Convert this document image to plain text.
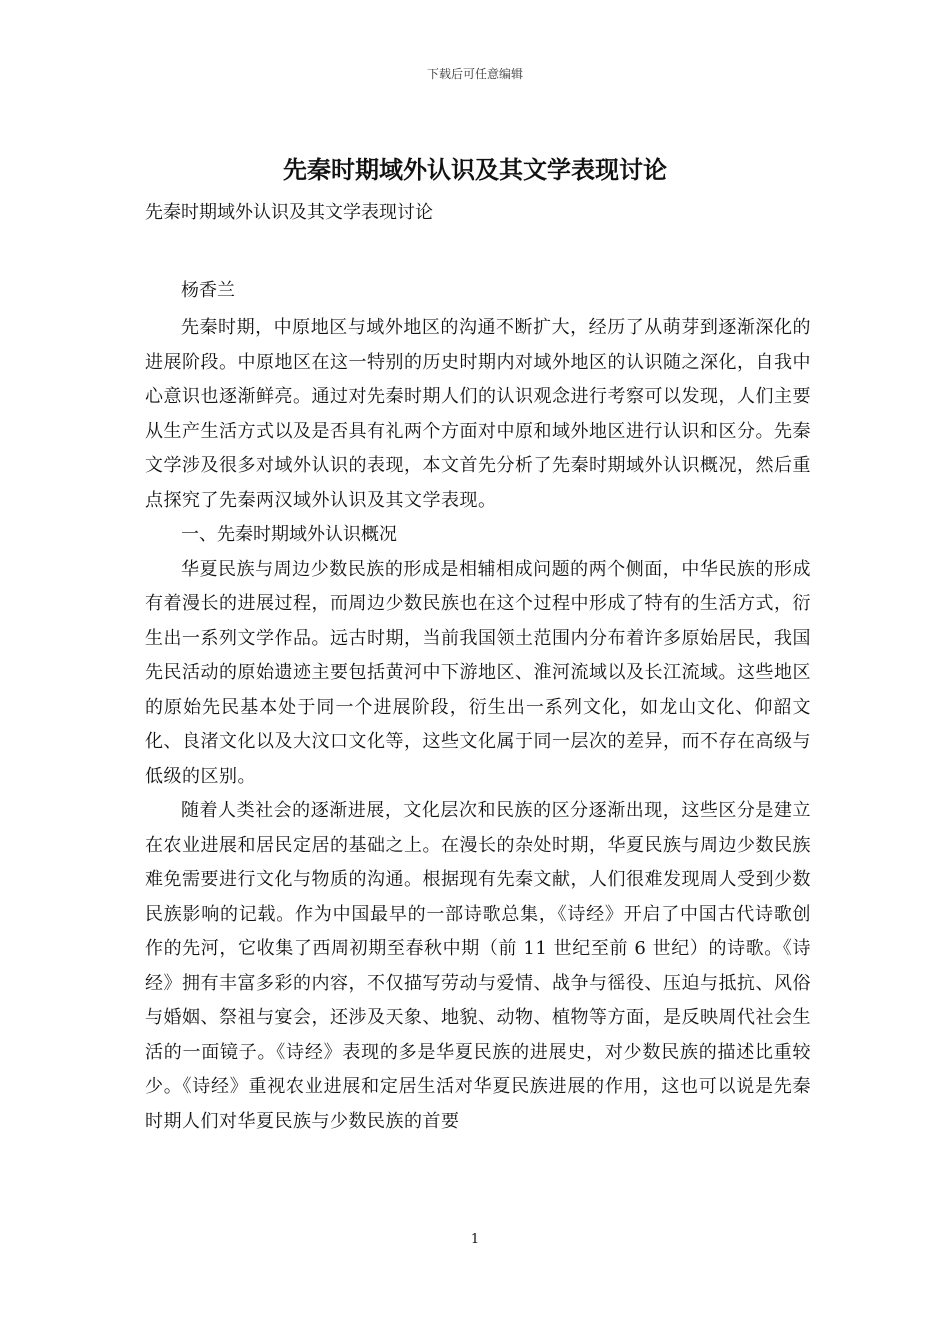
下载后可任意编辑
先秦时期域外认识及其文学表现讨论

先秦时期域外认识及其文学表现讨论

杨香兰

先秦时期，中原地区与域外地区的沟通不断扩大，经历了从萌芽到逐渐深化的进展阶段。中原地区在这一特别的历史时期内对域外地区的认识随之深化，自我中心意识也逐渐鲜亮。通过对先秦时期人们的认识观念进行考察可以发现，人们主要从生产生活方式以及是否具有礼两个方面对中原和域外地区进行认识和区分。先秦文学涉及很多对域外认识的表现，本文首先分析了先秦时期域外认识概况，然后重点探究了先秦两汉域外认识及其文学表现。

一、先秦时期域外认识概况

华夏民族与周边少数民族的形成是相辅相成问题的两个侧面，中华民族的形成有着漫长的进展过程，而周边少数民族也在这个过程中形成了特有的生活方式，衍生出一系列文学作品。远古时期，当前我国领土范围内分布着许多原始居民，我国先民活动的原始遗迹主要包括黄河中下游地区、淮河流域以及长江流域。这些地区的原始先民基本处于同一个进展阶段，衍生出一系列文化，如龙山文化、仰韶文化、良渚文化以及大汶口文化等，这些文化属于同一层次的差异，而不存在高级与低级的区别。

随着人类社会的逐渐进展，文化层次和民族的区分逐渐出现，这些区分是建立在农业进展和居民定居的基础之上。在漫长的杂处时期，华夏民族与周边少数民族难免需要进行文化与物质的沟通。根据现有先秦文献，人们很难发现周人受到少数民族影响的记载。作为中国最早的一部诗歌总集，《诗经》开启了中国古代诗歌创作的先河，它收集了西周初期至春秋中期（前 11 世纪至前 6 世纪）的诗歌。《诗经》拥有丰富多彩的内容，不仅描写劳动与爱情、战争与徭役、压迫与抵抗、风俗与婚姻、祭祖与宴会，还涉及天象、地貌、动物、植物等方面，是反映周代社会生活的一面镜子。《诗经》表现的多是华夏民族的进展史，对少数民族的描述比重较少。《诗经》重视农业进展和定居生活对华夏民族进展的作用，这也可以说是先秦时期人们对华夏民族与少数民族的首要

1
